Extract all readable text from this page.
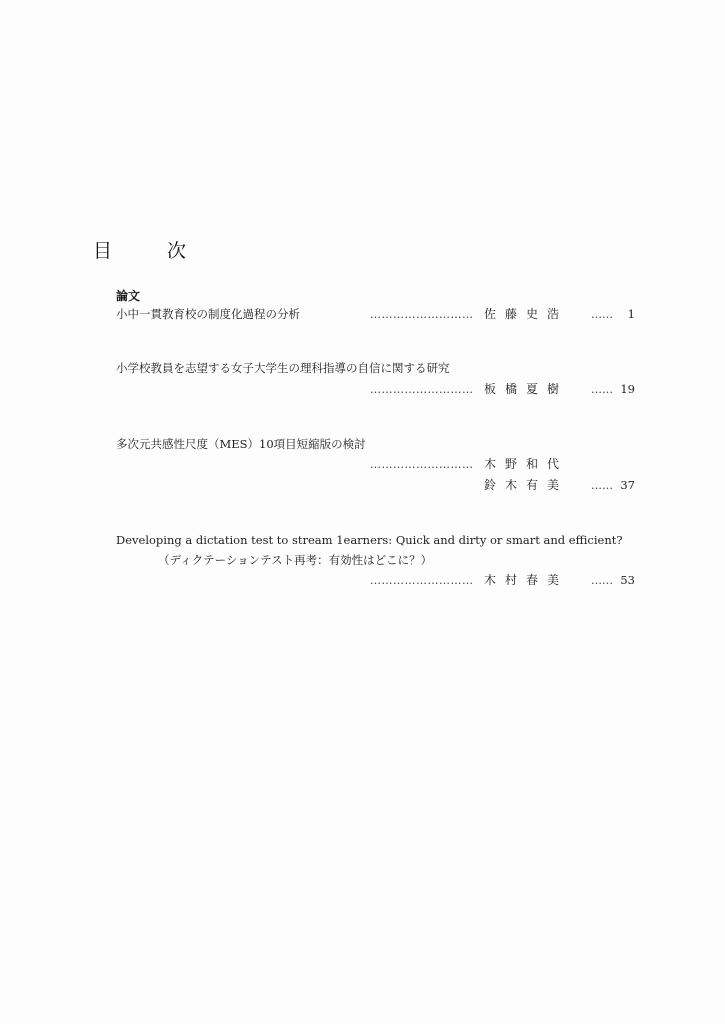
目　次
論文
小中一貫教育校の制度化過程の分析	……………………… 佐藤史浩	…… 1
小学校教員を志望する女子大学生の理科指導の自信に関する研究
……………………… 板橋夏樹	…… 19
多次元共感性尺度（MES）10項目短縮版の検討
……………………… 木野和代
鈴木有美	…… 37
Developing a dictation test to stream 1earners: Quick and dirty or smart and efficient?
（ディクテーションテスト再考：有効性はどこに？）
……………………… 木村春美	…… 53
